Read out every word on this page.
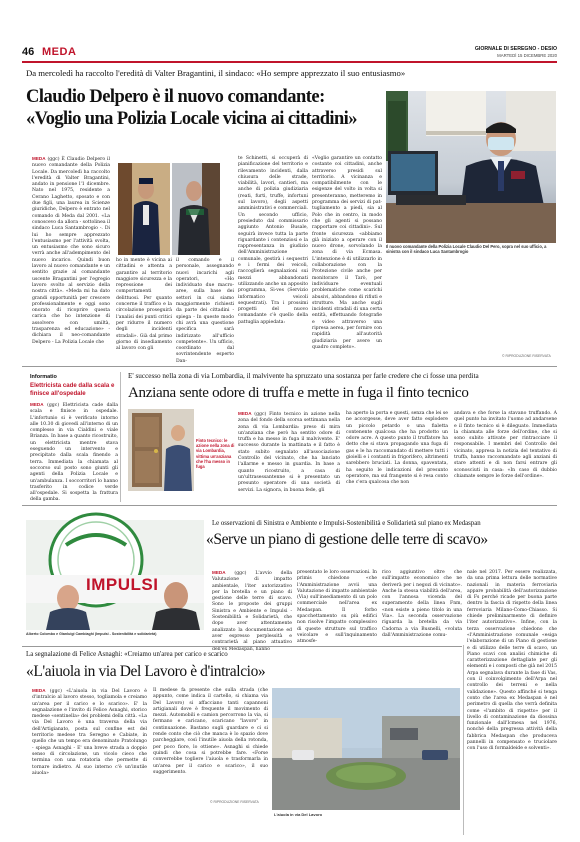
46 MEDA	GIORNALE DI SEREGNO - DESIO
MARTEDÌ 15 DICEMBRE 2020
Da mercoledì ha raccolto l'eredità di Valter Bragantini, il sindaco: «Ho sempre apprezzato il suo entusiasmo»
Claudio Delpero è il nuovo comandante:
«Voglio una Polizia Locale vicina ai cittadini»
Il nuovo comandante della Polizia Locale Claudio Del Pero, sopra nel suo ufficio, a sinistra con il sindaco Luca Santambrogio
MEDA (ggc) È Claudio Delpero il nuovo comandante della Polizia Locale. Da mercoledì ha raccolto l'eredità di Valter Bragantini, andato in pensione l'1 dicembre. Nato nel 1975, residente a Cerano Laghetto, sposato e con due figli, una laurea in Scienze giuridiche, Delpero è entrato nel comando di Meda dal 2001. «La conoscevo da allora - sottolinea il sindaco Luca Santambrogio -. Di lui ho sempre apprezzato l'entusiasmo per l'attività svolta, un entusiasmo che sono sicuro verrà anche all'adempimento del nuovo incarico. Quindi buon lavoro al nuovo comandante e un sentito grazie al comandante uscente Bragantini per l'egregio lavoro svolto al servizio della nostra città». «Meda mi ha dato grandi opportunità per crescere professionalmente e oggi sono onorato di ricoprire questa carica che ho intenzione di assolvere con umiltà, trasparenza ed educazione» - dichiara il neo-comandante Delpero - La Polizia Locale che
ho in mente è vicina ai cittadini e attenta a garantire al territorio maggiore sicurezza e la repressione dei comportamenti delittuosi. Per quanto concerne il traffico e la circolazione proseguirà l'analisi dei punti critici per ridurre il numero degli incidenti stradali». Già dal primo giorno di insediamento al lavoro con gli
il comando e il personale, assegnando nuovi incarichi agli operatori, «Ho individuato due macro-aree, sulla base dei settori in cui siamo maggiormente richiesti da parte dei cittadini - spiega - In queste modo chi avrà una questione specifica sarà indirizzato all'ufficio competente». Un ufficio, coordinato dal sovrintendente esperto Dan-
te Schinetti, si occuperà di pianificazione del territorio e rilevamento incidenti, dalla chiusura delle strade, viabilità, lavori, cantieri, ma anche di polizia giudiziaria (reati, furti, truffe, infortuni sul lavoro), degli aspetti amministrativi e commerciali. Un secondo ufficio, presieduto dal commissario aggiunto Antonio Busale, seguirà invece tutta la parte riguardante i contenziosi e la rappresentanza in giudizio dell'Amministrazione comunale, gestirà i sequestri e i fermi dei veicoli, raccoglierà segnalazioni sui mezzi abbandonati utilizzando anche un apposito programma, Si-ves (Servizio informatico veicoli sequestrati). Tra i prossimi progetti del nuovo comandante c'è quello della pattuglia appiedata:
«Voglio garantire un contatto costante coi cittadini, anche attraverso presidi sul territorio. A vicinanza e compatibilmente con le esigenze del volto in volta si presenteranno, metteremo in programma dei servizi di pat-tugliamento a piedi, sia al Polo che in centro, in modo che gli agenti si possano rapportare coi cittadini». Sul fronte sicurezza «abbiamo già iniziato a operare con il nuovo drone, sorvolando la zona di via Ecmasa. L'intenzione è di utilizzarlo in collaborazione con la Protezione civile anche per monitorare il Tarò, per individuare eventuali problematiche come scarichi abusivi, abbandono di rifiuti e strutture. Ma anche sugli incidenti stradali di una certa entità, effettuando fotografie e video attraverso una ripresa aerea, per fornire con rapidità all'autorità giudiziaria per avere un quadro completo».
© RIPRODUZIONE RISERVATA
Informatio
Elettricista cade dalla scala e finisce all'ospedale
MEDA (ggc) Elettricista cade dalla scala e finisce in ospedale. L'infortunio si è verificato intorno alle 10.30 di giovedì all'interno di un complesso in via Cialdini e viale Brianza. In base a quanto ricostruito, un elettricista mentre stava eseguendo un intervento e precipitato dalla scala finendo a terra. Immediata la chiamata al soccorso sul posto sono giunti gli agenti della Polizia Locale e un'ambulanza. I soccorritori lo hanno trasferito in codice verde all'ospedale. Si sospetta la frattura della gamba.
E' successo nella zona di via Lombardia, il malvivente ha spruzzato una sostanza per farle credere che ci fosse una perdita
Anziana sente odore di truffa e mette in fuga il finto tecnico
Finto tecnico: le azione nella zona di via Lombardia, vittima un'anziana che l'ha messo in fuga
MEDA (ggc) Finto tecnico in azione nella zona del fondo della scorsa settimana nella zona di via Lombardia: preso di mira un'anziana che però ha sentito odore di truffa e ha messo in fuga il malvivente. E' successo durante la mattinata e il fatto è stato subito segnalato all'associazione Controllo del vicinato, che ha lanciato l'allarme e messo in guardia. In base a quanto ricostruito, a casa di un'ultrasessantenne si è presentato un presunto operatore di una società di servizi. La signora, in buona fede, gli
ha aperto la porta e questi, senza che lei se ne accorgesse, deve aver fatto esplodere un piccolo petardo o una fialetta contenente qualcosa che ha prodotto un odore acre. A questo punto il truffatore ha detto che si stava propagando una fuga di gas e le ha raccomandato di mettere tutti i gioielli e i contanti in frigorifero, altrimenti sarebbero bruciati. La donna, spaventata, ha seguito le indicazioni del presunto operatore, ma sul frangente si è resa conto che c'era qualcosa che non
andava e che forse la stavano truffando. A quel punto ha invitato l'uomo ad andarsene e il finto tecnico si è dileguato. Immediata la chiamata alle forze dell'ordine, che si sono subito attivate per rintracciare il responsabile. I membri del Controllo del vicinato, appresa la notizia del tentativo di truffa, hanno raccomandato agli anziani di stare attenti e di non farsi entrare gli sconosciuti in casa: «In caso di dubbio chiamate sempre le forze dell'ordine».
IMPULSI
Alberto Colombo e Gianluigi Cambiaghi (Impulsi - Sostenibilità e solidarietà)
Le osservazioni di Sinistra e Ambiente e Impulsi-Sostenibilità e Solidarietà sul piano ex Medaspan
«Serve un piano di gestione delle terre di scavo»
MEDA (ggc) L'avvio della Valutazione di impatto ambientale, l'iter autorizzativo per la bretella e un piano di gestione delle terre di scavo. Sono le proposte dei gruppi Sinistra e Ambiente e Impulsi - Sostenibilità e Solidarietà, che dopo aver attentamente analizzato la documentazione ed aver espresso perplessità e contrarietà al piano attuativo dell'ex Medaspan, hanno
presentato le loro osservazioni. In primis chiedono «che l'Amministrazione avvii una Valutazione di impatto ambientale (Via) sull'insediamento di un polo commerciale nell'area ex Medaspan. Il forbo spacchettamento su più edifici non risolve l'impatto complessivo di queste strutture sul traffico veicolare e sull'inquinamento atmosfe-
rico aggiuntivo oltre che sull'impatto economico che ne deriverà per i negozi di vicinato». Anche la stessa viabilità dell'area, con l'annosa vicenda del superamento della linea Fnm, «non esiste a pieno titolo in una Via». La seconda osservazione riguarda la bretella da via Cadorna a via Busnelli, «voluta dall'Amministrazione comu-
nale nel 2017. Per essere realizzata, da una prima lettura delle normative nazionali in materia ferroviaria appare probabilità dell'autorizzazione di Fs perché ricade per buona parte dentro la fascia di rispetto della linea ferroviaria Milano-Como-Chiasso. Si chiede preliminarmente di definire l'iter autorizzativo». Infine, con la terza osservazione chiedono che «l'Amministrazione comunale «esiga l'elaborazione di un Piano di gestione e di utilizzo delle terre di scavo, un Piano scavi con analisi chimiche di caratterizzazione dettagliate per gli elementi e i composti che già nel 2015 Arpa segnalava durante la fase di Vas, con il coinvolgimento dell'Arpa nel controllo dei terreni e nella validazione». Questo affinché si tenga conto che l'area ex Medaspan è nel perimetro di quella che verrà definita come «l'ambito di rispetto» per il livello di contaminazione da diossina funzionale dall'Icmesa nel 1976, nonché della pregressa attività della fabbrica Medaspan che produceva pannelli in compensato e truciolare con l'uso di formaldeide e solventi».
La segnalazione di Felice Asnaghi: «Creiamo un'area per carico e scarico
«L'aiuola in via Del Lavoro è d'intralcio»
MEDA (ggc) «L'aiuola in via Del Lavoro è d'intralcio al lavoro stesso, togliamola e creiamo un'area per il carico e lo scarico». E' la segnalazione e l'invito di Felice Asnaghi, storico medese «sentinella» dei problemi della città. «La via Del Lavoro è una traversa della via dell'Artigianato, posta sul confine est del territorio medese tra Seregno e Cabiate, in quello che un tempo era denominato Pratolungo - spiega Asnaghi - E' una breve strada a doppio senso di circolazione, un vicolo cieco che termina con una rotatoria che permette di tornare indietro. Al suo interno c'è un'inutile aiuola»
Il medese fa presente che sulla strada (che appunto, come indica il cartello, si chiama via Del Lavoro) si affacciano tanti capannoni artigianali dove è frequente il movimento di mezzi. Automobili e camion percorrono la via, si fermano e caricano, scaricano "lavoro" in continuazione. Bastano sugli guardare e ci si rende conto che ciò che manca è lo spazio dove parcheggiare, così l'inutile aiuola della rotonda, per poco fiore, lo ottiene». Asnaghi si chiede quindi che cosa si potrebbe fare. «Forse converrebbe togliere l'aiuola e trasformarla in un'area per il carico e scarico», il suo suggerimento.
© RIPRODUZIONE RISERVATA
L'aiuola in via Del Lavoro
